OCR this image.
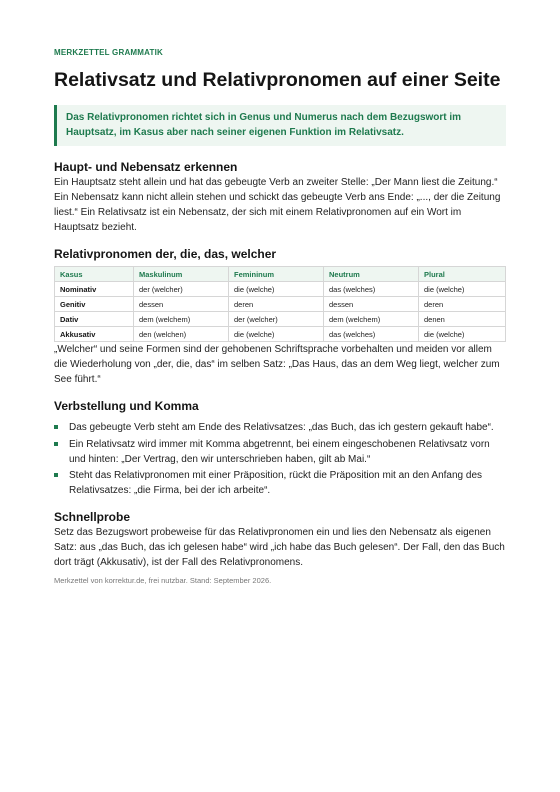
MERKZETTEL GRAMMATIK

Relativsatz und Relativpronomen auf einer Seite
Das Relativpronomen richtet sich in Genus und Numerus nach dem Bezugswort im Hauptsatz, im Kasus aber nach seiner eigenen Funktion im Relativsatz.
Haupt- und Nebensatz erkennen

Ein Hauptsatz steht allein und hat das gebeugte Verb an zweiter Stelle: „Der Mann liest die Zeitung.“ Ein Nebensatz kann nicht allein stehen und schickt das gebeugte Verb ans Ende: „..., der die Zeitung liest.“ Ein Relativsatz ist ein Nebensatz, der sich mit einem Relativpronomen auf ein Wort im Hauptsatz bezieht.

Relativpronomen der, die, das, welcher
Kasus	Maskulinum	Femininum	Neutrum	Plural
Nominativ	der (welcher)	die (welche)	das (welches)	die (welche)
Genitiv	dessen	deren	dessen	deren
Dativ	dem (welchem)	der (welcher)	dem (welchem)	denen
Akkusativ	den (welchen)	die (welche)	das (welches)	die (welche)

„Welcher“ und seine Formen sind der gehobenen Schriftsprache vorbehalten und meiden vor allem die Wiederholung von „der, die, das“ im selben Satz: „Das Haus, das an dem Weg liegt, welcher zum See führt.“

Verbstellung und Komma
Das gebeugte Verb steht am Ende des Relativsatzes: „das Buch, das ich gestern gekauft habe“.
Ein Relativsatz wird immer mit Komma abgetrennt, bei einem eingeschobenen Relativsatz vorn und hinten: „Der Vertrag, den wir unterschrieben haben, gilt ab Mai.“
Steht das Relativpronomen mit einer Präposition, rückt die Präposition mit an den Anfang des Relativsatzes: „die Firma, bei der ich arbeite“.
Schnellprobe

Setz das Bezugswort probeweise für das Relativpronomen ein und lies den Nebensatz als eigenen Satz: aus „das Buch, das ich gelesen habe“ wird „ich habe das Buch gelesen“. Der Fall, den das Buch dort trägt (Akkusativ), ist der Fall des Relativpronomens.

Merkzettel von korrektur.de, frei nutzbar. Stand: September 2026.
